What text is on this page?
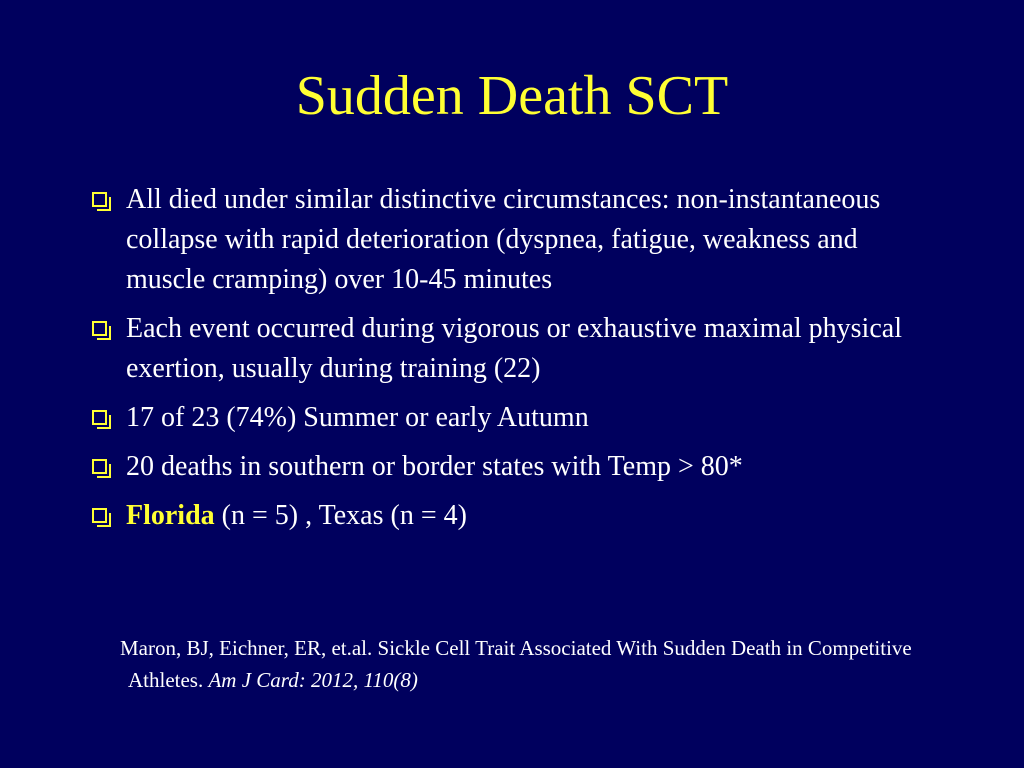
Sudden Death SCT
All died under similar distinctive circumstances: non-instantaneous collapse with rapid deterioration (dyspnea, fatigue, weakness and muscle cramping) over 10-45 minutes
Each event occurred during vigorous or exhaustive maximal physical exertion, usually during training (22)
17 of 23 (74%) Summer or early Autumn
20 deaths in southern or border states with Temp > 80*
Florida (n = 5) , Texas (n = 4)
Maron, BJ, Eichner, ER, et.al. Sickle Cell Trait Associated With Sudden Death in Competitive Athletes. Am J Card: 2012, 110(8)
